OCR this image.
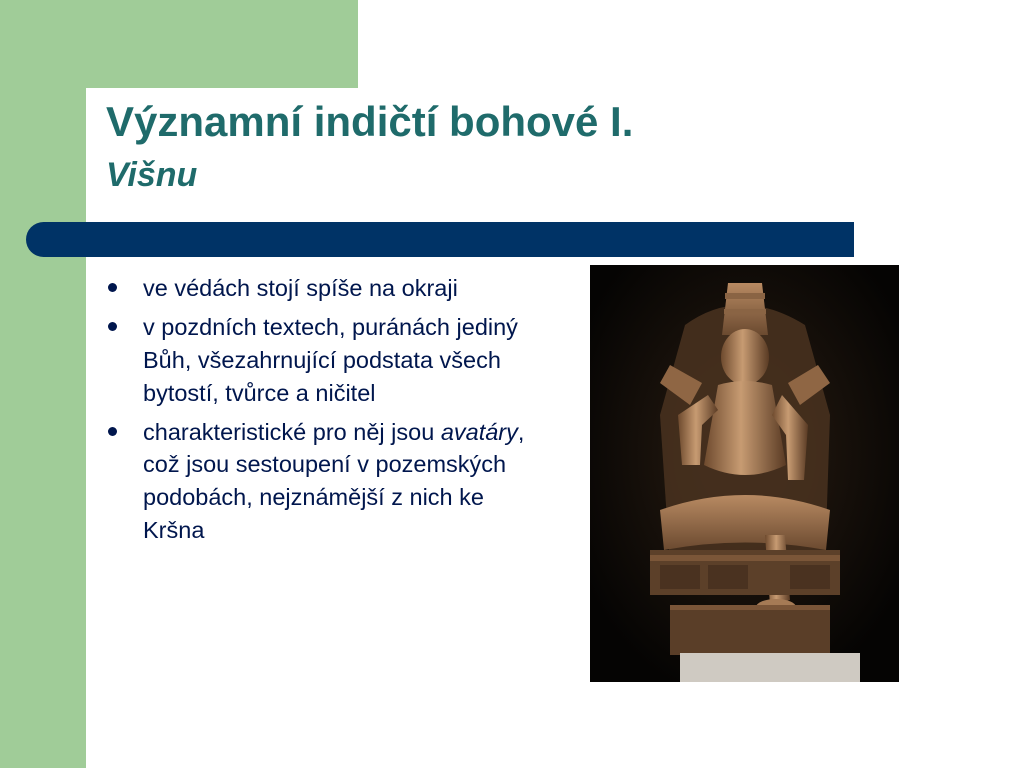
Významní indičtí bohové I.
Višnu
ve védách stojí spíše na okraji
v pozdních textech, puránách jediný Bůh, všezahrnující podstata všech bytostí, tvůrce a ničitel
charakteristické pro něj jsou avatáry, což jsou sestoupení v pozemských podobách, nejznámější z nich ke Kršna
